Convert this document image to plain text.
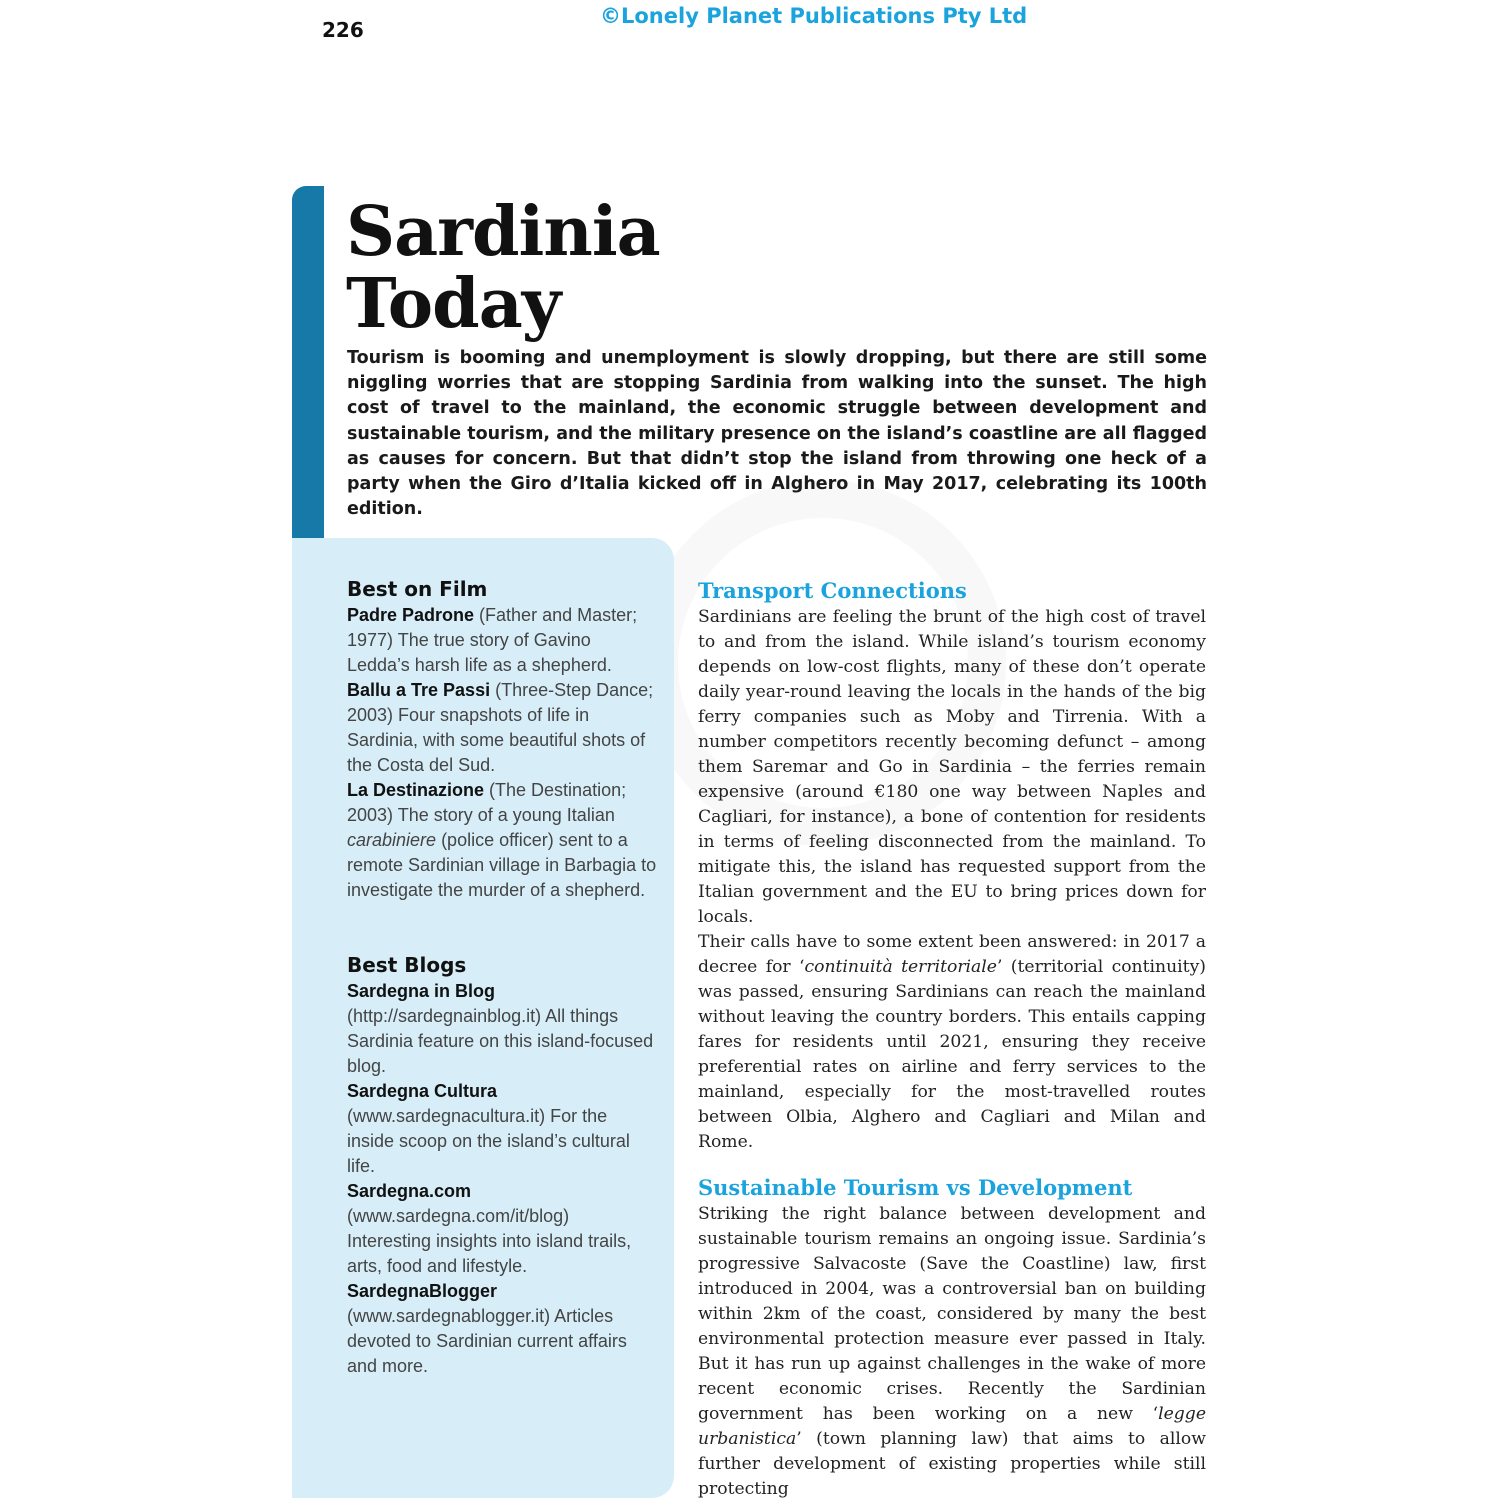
226
©Lonely Planet Publications Pty Ltd
Sardinia
Today

Tourism is booming and unemployment is slowly dropping, but there are still some niggling worries that are stopping Sardinia from walking into the sunset. The high cost of travel to the mainland, the economic struggle between development and sustainable tourism, and the military presence on the island’s coastline are all flagged as causes for concern. But that didn’t stop the island from throwing one heck of a party when the Giro d’Italia kicked off in Alghero in May 2017, celebrating its 100th edition.

Best on Film

Padre Padrone (Father and Master; 1977) The true story of Gavino Ledda’s harsh life as a shepherd.

Ballu a Tre Passi (Three-Step Dance; 2003) Four snapshots of life in Sardinia, with some beautiful shots of the Costa del Sud.

La Destinazione (The Destination; 2003) The story of a young Italian carabiniere (police officer) sent to a remote Sardinian village in Barbagia to investigate the murder of a shepherd.

Best Blogs

Sardegna in Blog (http://sardegnainblog.it) All things Sardinia feature on this island-focused blog.

Sardegna Cultura (www.sardegnacultura.it) For the inside scoop on the island’s cultural life.

Sardegna.com (www.sardegna.com/it/blog) Interesting insights into island trails, arts, food and lifestyle.

SardegnaBlogger (www.sardegnablogger.it) Articles devoted to Sardinian current affairs and more.

Transport Connections

Sardinians are feeling the brunt of the high cost of travel to and from the island. While island’s tourism economy depends on low-cost flights, many of these don’t operate daily year-round leaving the locals in the hands of the big ferry companies such as Moby and Tirrenia. With a number competitors recently becoming defunct – among them Saremar and Go in Sardinia – the ferries remain expensive (around €180 one way between Naples and Cagliari, for instance), a bone of contention for residents in terms of feeling disconnected from the mainland. To mitigate this, the island has requested support from the Italian government and the EU to bring prices down for locals.

Their calls have to some extent been answered: in 2017 a decree for ‘continuità territoriale’ (territorial continuity) was passed, ensuring Sardinians can reach the mainland without leaving the country borders. This entails capping fares for residents until 2021, ensuring they receive preferential rates on airline and ferry services to the mainland, especially for the most-travelled routes between Olbia, Alghero and Cagliari and Milan and Rome.

Sustainable Tourism vs Development

Striking the right balance between development and sustainable tourism remains an ongoing issue. Sardinia’s progressive Salvacoste (Save the Coastline) law, first introduced in 2004, was a controversial ban on building within 2km of the coast, considered by many the best environmental protection measure ever passed in Italy. But it has run up against challenges in the wake of more recent economic crises. Recently the Sardinian government has been working on a new ‘legge urbanistica’ (town planning law) that aims to allow further development of existing properties while still protecting
